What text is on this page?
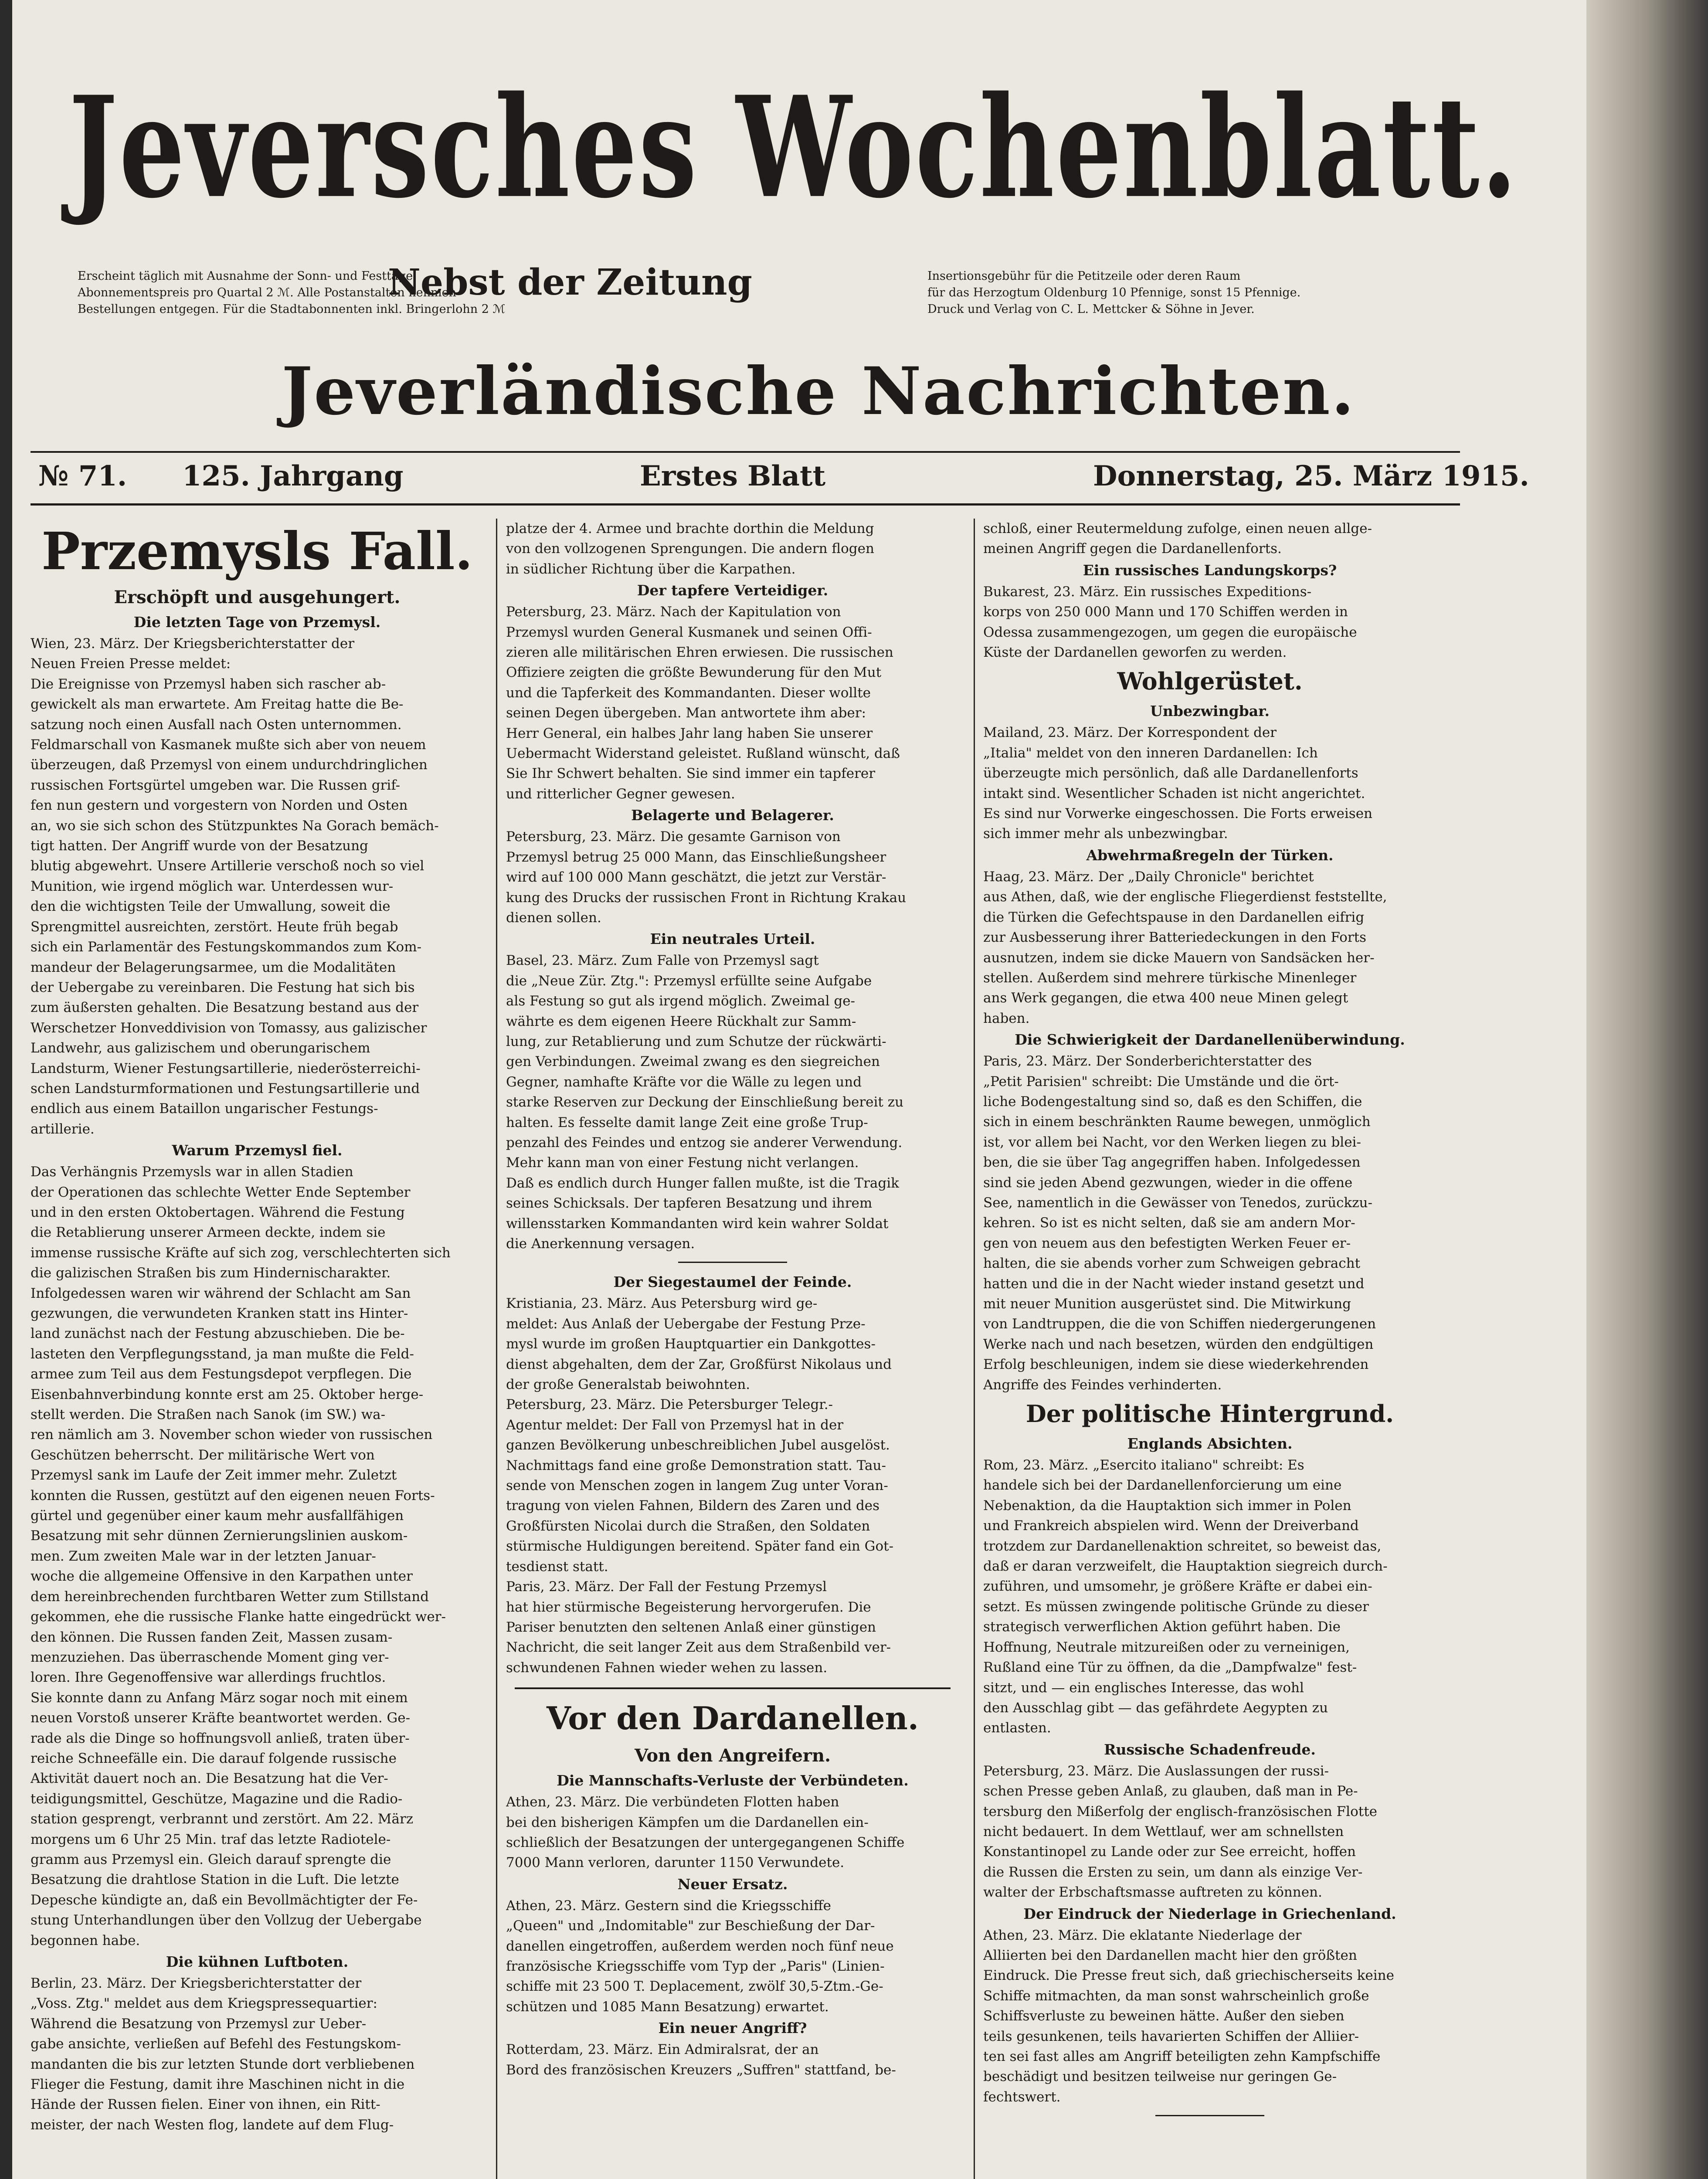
Jeversches Wochenblatt.
Erscheint täglich mit Ausnahme der Sonn- und Festtage.
Abonnementspreis pro Quartal 2 ℳ. Alle Postanstalten nehmen
Bestellungen entgegen. Für die Stadtabonnenten inkl. Bringerlohn 2 ℳ
Nebst der Zeitung	Insertionsgebühr für die Petitzeile oder deren Raum
für das Herzogtum Oldenburg 10 Pfennige, sonst 15 Pfennige.
Druck und Verlag von C. L. Mettcker & Söhne in Jever.
Jeverländische Nachrichten.
№ 71. 125. Jahrgang	Erstes Blatt	Donnerstag, 25. März 1915.
Przemysls Fall.
Erschöpft und ausgehungert.
Die letzten Tage von Przemysl.
Wien, 23. März. Der Kriegsberichterstatter der
Neuen Freien Presse meldet:
Die Ereignisse von Przemysl haben sich rascher ab-
gewickelt als man erwartete. Am Freitag hatte die Be-
satzung noch einen Ausfall nach Osten unternommen.
Feldmarschall von Kasmanek mußte sich aber von neuem
überzeugen, daß Przemysl von einem undurchdringlichen
russischen Fortsgürtel umgeben war. Die Russen grif-
fen nun gestern und vorgestern von Norden und Osten
an, wo sie sich schon des Stützpunktes Na Gorach bemäch-
tigt hatten. Der Angriff wurde von der Besatzung
blutig abgewehrt. Unsere Artillerie verschoß noch so viel
Munition, wie irgend möglich war. Unterdessen wur-
den die wichtigsten Teile der Umwallung, soweit die
Sprengmittel ausreichten, zerstört. Heute früh begab
sich ein Parlamentär des Festungskommandos zum Kom-
mandeur der Belagerungsarmee, um die Modalitäten
der Uebergabe zu vereinbaren. Die Festung hat sich bis
zum äußersten gehalten. Die Besatzung bestand aus der
Werschetzer Honveddivision von Tomassy, aus galizischer
Landwehr, aus galizischem und oberungarischem
Landsturm, Wiener Festungsartillerie, niederösterreichi-
schen Landsturmformationen und Festungsartillerie und
endlich aus einem Bataillon ungarischer Festungs-
artillerie.
Warum Przemysl fiel.
Das Verhängnis Przemysls war in allen Stadien
der Operationen das schlechte Wetter Ende September
und in den ersten Oktobertagen. Während die Festung
die Retablierung unserer Armeen deckte, indem sie
immense russische Kräfte auf sich zog, verschlechterten sich
die galizischen Straßen bis zum Hindernischarakter.
Infolgedessen waren wir während der Schlacht am San
gezwungen, die verwundeten Kranken statt ins Hinter-
land zunächst nach der Festung abzuschieben. Die be-
lasteten den Verpflegungsstand, ja man mußte die Feld-
armee zum Teil aus dem Festungsdepot verpflegen. Die
Eisenbahnverbindung konnte erst am 25. Oktober herge-
stellt werden. Die Straßen nach Sanok (im SW.) wa-
ren nämlich am 3. November schon wieder von russischen
Geschützen beherrscht. Der militärische Wert von
Przemysl sank im Laufe der Zeit immer mehr. Zuletzt
konnten die Russen, gestützt auf den eigenen neuen Forts-
gürtel und gegenüber einer kaum mehr ausfallfähigen
Besatzung mit sehr dünnen Zernierungslinien auskom-
men. Zum zweiten Male war in der letzten Januar-
woche die allgemeine Offensive in den Karpathen unter
dem hereinbrechenden furchtbaren Wetter zum Stillstand
gekommen, ehe die russische Flanke hatte eingedrückt wer-
den können. Die Russen fanden Zeit, Massen zusam-
menzuziehen. Das überraschende Moment ging ver-
loren. Ihre Gegenoffensive war allerdings fruchtlos.
Sie konnte dann zu Anfang März sogar noch mit einem
neuen Vorstoß unserer Kräfte beantwortet werden. Ge-
rade als die Dinge so hoffnungsvoll anließ, traten über-
reiche Schneefälle ein. Die darauf folgende russische
Aktivität dauert noch an. Die Besatzung hat die Ver-
teidigungsmittel, Geschütze, Magazine und die Radio-
station gesprengt, verbrannt und zerstört. Am 22. März
morgens um 6 Uhr 25 Min. traf das letzte Radiotele-
gramm aus Przemysl ein. Gleich darauf sprengte die
Besatzung die drahtlose Station in die Luft. Die letzte
Depesche kündigte an, daß ein Bevollmächtigter der Fe-
stung Unterhandlungen über den Vollzug der Uebergabe
begonnen habe.
Die kühnen Luftboten.
Berlin, 23. März. Der Kriegsberichterstatter der
„Voss. Ztg." meldet aus dem Kriegspressequartier:
Während die Besatzung von Przemysl zur Ueber-
gabe ansichte, verließen auf Befehl des Festungskom-
mandanten die bis zur letzten Stunde dort verbliebenen
Flieger die Festung, damit ihre Maschinen nicht in die
Hände der Russen fielen. Einer von ihnen, ein Ritt-
meister, der nach Westen flog, landete auf dem Flug-
platze der 4. Armee und brachte dorthin die Meldung
von den vollzogenen Sprengungen. Die andern flogen
in südlicher Richtung über die Karpathen.
Der tapfere Verteidiger.
Petersburg, 23. März. Nach der Kapitulation von
Przemysl wurden General Kusmanek und seinen Offi-
zieren alle militärischen Ehren erwiesen. Die russischen
Offiziere zeigten die größte Bewunderung für den Mut
und die Tapferkeit des Kommandanten. Dieser wollte
seinen Degen übergeben. Man antwortete ihm aber:
Herr General, ein halbes Jahr lang haben Sie unserer
Uebermacht Widerstand geleistet. Rußland wünscht, daß
Sie Ihr Schwert behalten. Sie sind immer ein tapferer
und ritterlicher Gegner gewesen.
Belagerte und Belagerer.
Petersburg, 23. März. Die gesamte Garnison von
Przemysl betrug 25 000 Mann, das Einschließungsheer
wird auf 100 000 Mann geschätzt, die jetzt zur Verstär-
kung des Drucks der russischen Front in Richtung Krakau
dienen sollen.
Ein neutrales Urteil.
Basel, 23. März. Zum Falle von Przemysl sagt
die „Neue Zür. Ztg.": Przemysl erfüllte seine Aufgabe
als Festung so gut als irgend möglich. Zweimal ge-
währte es dem eigenen Heere Rückhalt zur Samm-
lung, zur Retablierung und zum Schutze der rückwärti-
gen Verbindungen. Zweimal zwang es den siegreichen
Gegner, namhafte Kräfte vor die Wälle zu legen und
starke Reserven zur Deckung der Einschließung bereit zu
halten. Es fesselte damit lange Zeit eine große Trup-
penzahl des Feindes und entzog sie anderer Verwendung.
Mehr kann man von einer Festung nicht verlangen.
Daß es endlich durch Hunger fallen mußte, ist die Tragik
seines Schicksals. Der tapferen Besatzung und ihrem
willensstarken Kommandanten wird kein wahrer Soldat
die Anerkennung versagen.
Der Siegestaumel der Feinde.
Kristiania, 23. März. Aus Petersburg wird ge-
meldet: Aus Anlaß der Uebergabe der Festung Prze-
mysl wurde im großen Hauptquartier ein Dankgottes-
dienst abgehalten, dem der Zar, Großfürst Nikolaus und
der große Generalstab beiwohnten.
Petersburg, 23. März. Die Petersburger Telegr.-
Agentur meldet: Der Fall von Przemysl hat in der
ganzen Bevölkerung unbeschreiblichen Jubel ausgelöst.
Nachmittags fand eine große Demonstration statt. Tau-
sende von Menschen zogen in langem Zug unter Voran-
tragung von vielen Fahnen, Bildern des Zaren und des
Großfürsten Nicolai durch die Straßen, den Soldaten
stürmische Huldigungen bereitend. Später fand ein Got-
tesdienst statt.
Paris, 23. März. Der Fall der Festung Przemysl
hat hier stürmische Begeisterung hervorgerufen. Die
Pariser benutzten den seltenen Anlaß einer günstigen
Nachricht, die seit langer Zeit aus dem Straßenbild ver-
schwundenen Fahnen wieder wehen zu lassen.
Vor den Dardanellen.
Von den Angreifern.
Die Mannschafts-Verluste der Verbündeten.
Athen, 23. März. Die verbündeten Flotten haben
bei den bisherigen Kämpfen um die Dardanellen ein-
schließlich der Besatzungen der untergegangenen Schiffe
7000 Mann verloren, darunter 1150 Verwundete.
Neuer Ersatz.
Athen, 23. März. Gestern sind die Kriegsschiffe
„Queen" und „Indomitable" zur Beschießung der Dar-
danellen eingetroffen, außerdem werden noch fünf neue
französische Kriegsschiffe vom Typ der „Paris" (Linien-
schiffe mit 23 500 T. Deplacement, zwölf 30,5-Ztm.-Ge-
schützen und 1085 Mann Besatzung) erwartet.
Ein neuer Angriff?
Rotterdam, 23. März. Ein Admiralsrat, der an
Bord des französischen Kreuzers „Suffren" stattfand, be-
schloß, einer Reutermeldung zufolge, einen neuen allge-
meinen Angriff gegen die Dardanellenforts.
Ein russisches Landungskorps?
Bukarest, 23. März. Ein russisches Expeditions-
korps von 250 000 Mann und 170 Schiffen werden in
Odessa zusammengezogen, um gegen die europäische
Küste der Dardanellen geworfen zu werden.
Wohlgerüstet.
Unbezwingbar.
Mailand, 23. März. Der Korrespondent der
„Italia" meldet von den inneren Dardanellen: Ich
überzeugte mich persönlich, daß alle Dardanellenforts
intakt sind. Wesentlicher Schaden ist nicht angerichtet.
Es sind nur Vorwerke eingeschossen. Die Forts erweisen
sich immer mehr als unbezwingbar.
Abwehrmaßregeln der Türken.
Haag, 23. März. Der „Daily Chronicle" berichtet
aus Athen, daß, wie der englische Fliegerdienst feststellte,
die Türken die Gefechtspause in den Dardanellen eifrig
zur Ausbesserung ihrer Batteriedeckungen in den Forts
ausnutzen, indem sie dicke Mauern von Sandsäcken her-
stellen. Außerdem sind mehrere türkische Minenleger
ans Werk gegangen, die etwa 400 neue Minen gelegt
haben.
Die Schwierigkeit der Dardanellenüberwindung.
Paris, 23. März. Der Sonderberichterstatter des
„Petit Parisien" schreibt: Die Umstände und die ört-
liche Bodengestaltung sind so, daß es den Schiffen, die
sich in einem beschränkten Raume bewegen, unmöglich
ist, vor allem bei Nacht, vor den Werken liegen zu blei-
ben, die sie über Tag angegriffen haben. Infolgedessen
sind sie jeden Abend gezwungen, wieder in die offene
See, namentlich in die Gewässer von Tenedos, zurückzu-
kehren. So ist es nicht selten, daß sie am andern Mor-
gen von neuem aus den befestigten Werken Feuer er-
halten, die sie abends vorher zum Schweigen gebracht
hatten und die in der Nacht wieder instand gesetzt und
mit neuer Munition ausgerüstet sind. Die Mitwirkung
von Landtruppen, die die von Schiffen niedergerungenen
Werke nach und nach besetzen, würden den endgültigen
Erfolg beschleunigen, indem sie diese wiederkehrenden
Angriffe des Feindes verhinderten.
Der politische Hintergrund.
Englands Absichten.
Rom, 23. März. „Esercito italiano" schreibt: Es
handele sich bei der Dardanellenforcierung um eine
Nebenaktion, da die Hauptaktion sich immer in Polen
und Frankreich abspielen wird. Wenn der Dreiverband
trotzdem zur Dardanellenaktion schreitet, so beweist das,
daß er daran verzweifelt, die Hauptaktion siegreich durch-
zuführen, und umsomehr, je größere Kräfte er dabei ein-
setzt. Es müssen zwingende politische Gründe zu dieser
strategisch verwerflichen Aktion geführt haben. Die
Hoffnung, Neutrale mitzureißen oder zu verneinigen,
Rußland eine Tür zu öffnen, da die „Dampfwalze" fest-
sitzt, und — ein englisches Interesse, das wohl
den Ausschlag gibt — das gefährdete Aegypten zu
entlasten.
Russische Schadenfreude.
Petersburg, 23. März. Die Auslassungen der russi-
schen Presse geben Anlaß, zu glauben, daß man in Pe-
tersburg den Mißerfolg der englisch-französischen Flotte
nicht bedauert. In dem Wettlauf, wer am schnellsten
Konstantinopel zu Lande oder zur See erreicht, hoffen
die Russen die Ersten zu sein, um dann als einzige Ver-
walter der Erbschaftsmasse auftreten zu können.
Der Eindruck der Niederlage in Griechenland.
Athen, 23. März. Die eklatante Niederlage der
Alliierten bei den Dardanellen macht hier den größten
Eindruck. Die Presse freut sich, daß griechischerseits keine
Schiffe mitmachten, da man sonst wahrscheinlich große
Schiffsverluste zu beweinen hätte. Außer den sieben
teils gesunkenen, teils havarierten Schiffen der Alliier-
ten sei fast alles am Angriff beteiligten zehn Kampfschiffe
beschädigt und besitzen teilweise nur geringen Ge-
fechtswert.
